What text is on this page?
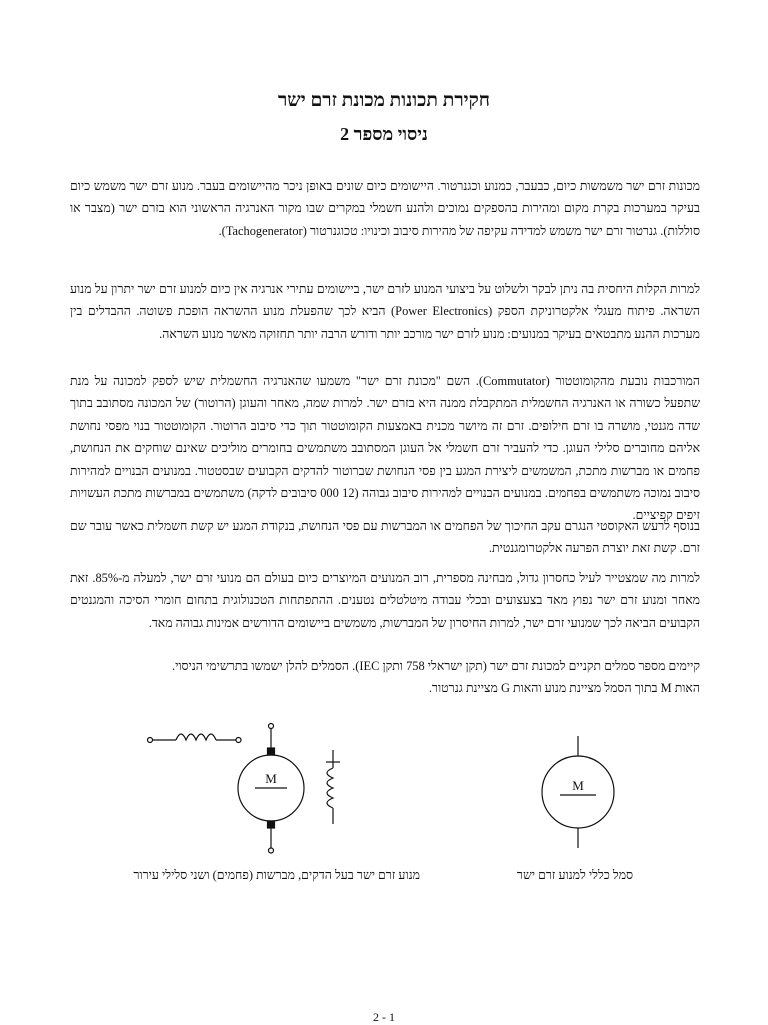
חקירת תכונות מכונת זרם ישר
ניסוי מספר 2
מכונות זרם ישר משמשות כיום, כבעבר, כמנוע וכגנרטור. היישומים כיום שונים באופן ניכר מהיישומים בעבר. מנוע זרם ישר משמש כיום בעיקר במערכות בקרת מקום ומהירות בהספקים נמוכים ולהנע חשמלי במקרים שבו מקור האנרגיה הראשוני הוא בזרם ישר (מצבר או סוללות). גנרטור זרם ישר משמש למדידה עקיפה של מהירות סיבוב וכינויו: טכוגנרטור (Tachogenerator).
למרות הקלות היחסית בה ניתן לבקר ולשלוט על ביצועי המנוע לזרם ישר, ביישומים עתירי אנרגיה אין כיום למנוע זרם ישר יתרון על מנוע השראה. פיתוח מעגלי אלקטרוניקת הספק (Power Electronics) הביא לכך שהפעלת מנוע ההשראה הופכת פשוטה. ההבדלים בין מערכות ההנע מתבטאים בעיקר במנועים: מנוע לזרם ישר מורכב יותר ודורש הרבה יותר תחזוקה מאשר מנוע השראה.
המורכבות נובעת מהקומוטטור (Commutator). השם "מכונת זרם ישר" משמעו שהאנרגיה החשמלית שיש לספק למכונה על מנת שתפעל כשורה או האנרגיה החשמלית המתקבלת ממנה היא בזרם ישר. למרות שמה, מאחר והעוגן (הרוטור) של המכונה מסתובב בתוך שדה מגנטי, מושרה בו זרם חילופים. זרם זה מיושר מכנית באמצעות הקומוטטור תוך כדי סיבוב הרוטור. הקומוטטור בנוי מפסי נחושת אליהם מחוברים סלילי העוגן. כדי להעביר זרם חשמלי אל העוגן המסתובב משתמשים בחומרים מוליכים שאינם שוחקים את הנחושת, פחמים או מברשות מתכת, המשמשים ליצירת המגע בין פסי הנחושת שברוטור להדקים הקבועים שבסטטור. במנועים הבנויים למהירות סיבוב נמוכה משתמשים בפחמים. במנועים הבנויים למהירות סיבוב גבוהה (12 000 סיבובים לדקה) משתמשים במברשות מתכת העשויות זיפים קפיציים.
בנוסף לרעש האקוסטי הנגרם עקב החיכוך של הפחמים או המברשות עם פסי הנחושת, בנקודת המגע יש קשת חשמלית כאשר עובר שם זרם. קשת זאת יוצרת הפרעה אלקטרומגנטית.
למרות מה שמצטייר לעיל כחסרון גדול, מבחינה מספרית, רוב המנועים המיוצרים כיום בעולם הם מנועי זרם ישר, למעלה מ-85%. זאת מאחר ומנוע זרם ישר נפוץ מאד בצעצועים ובכלי עבודה מיטלטלים נטענים. ההתפתחות הטכנולוגית בתחום חומרי הסיכה והמגנטים הקבועים הביאה לכך שמנועי זרם ישר, למרות החיסרון של המברשות, משמשים ביישומים הדורשים אמינות גבוהה מאד.
קיימים מספר סמלים תקניים למכונת זרם ישר (תקן ישראלי 758 ותקן IEC). הסמלים להלן ישמשו בתרשימי הניסוי.
האות M בתוך הסמל מציינת מנוע והאות G מציינת גנרטור.
M	M
מנוע זרם ישר בעל הדקים, מברשות (פחמים) ושני סלילי עירור	סמל כללי למנוע זרם ישר
2 - 1
